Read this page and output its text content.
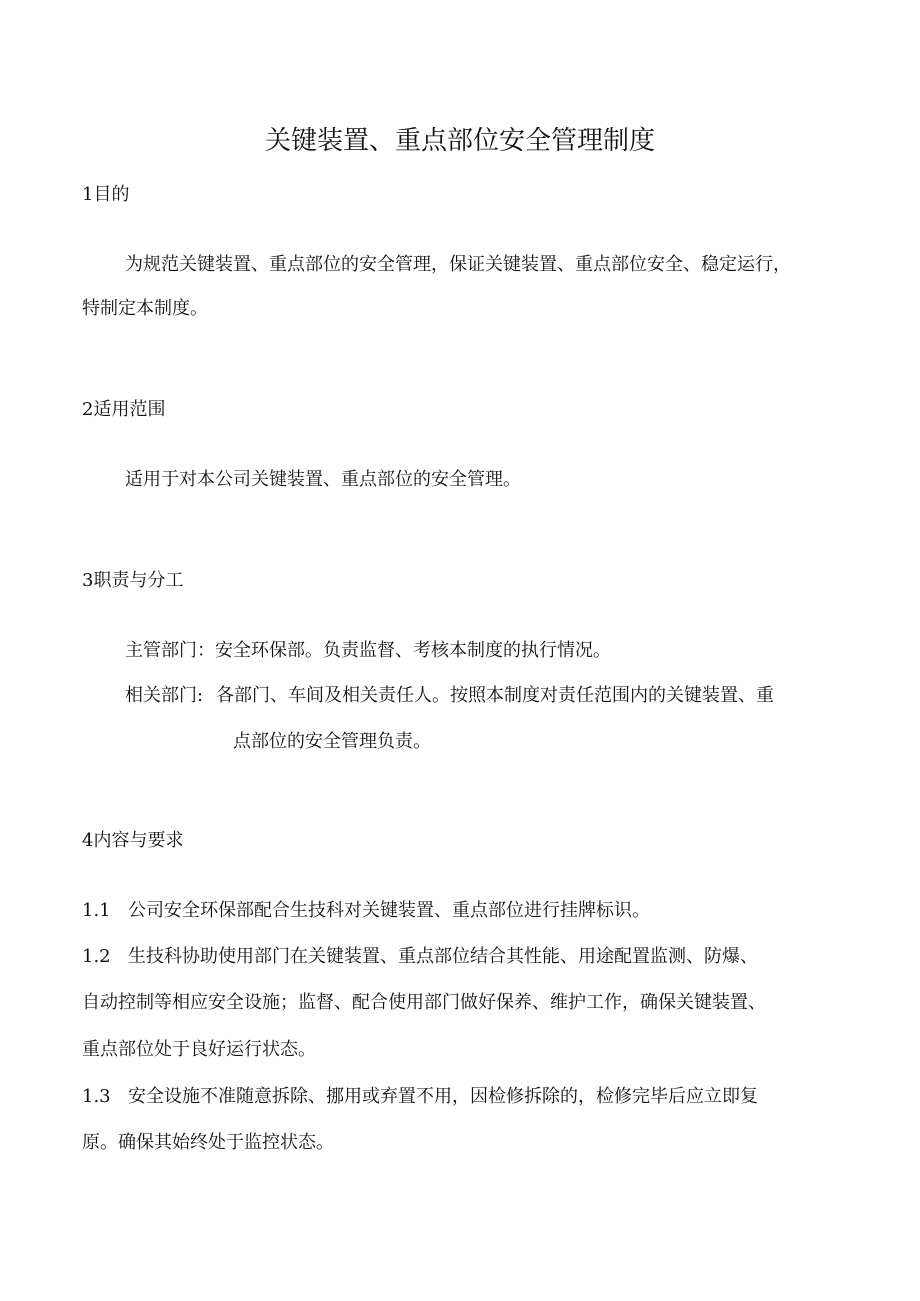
关键装置、重点部位安全管理制度

1目的

为规范关键装置、重点部位的安全管理，保证关键装置、重点部位安全、稳定运行，

特制定本制度。

2适用范围

适用于对本公司关键装置、重点部位的安全管理。

3职责与分工

主管部门：安全环保部。负责监督、考核本制度的执行情况。

相关部门: 各部门、车间及相关责任人。按照本制度对责任范围内的关键装置、重

点部位的安全管理负责。

4内容与要求

1.1 公司安全环保部配合生技科对关键装置、重点部位进行挂牌标识。

1.2 生技科协助使用部门在关键装置、重点部位结合其性能、用途配置监测、防爆、

自动控制等相应安全设施；监督、配合使用部门做好保养、维护工作，确保关键装置、

重点部位处于良好运行状态。

1.3 安全设施不准随意拆除、挪用或弃置不用，因检修拆除的，检修完毕后应立即复

原。确保其始终处于监控状态。
